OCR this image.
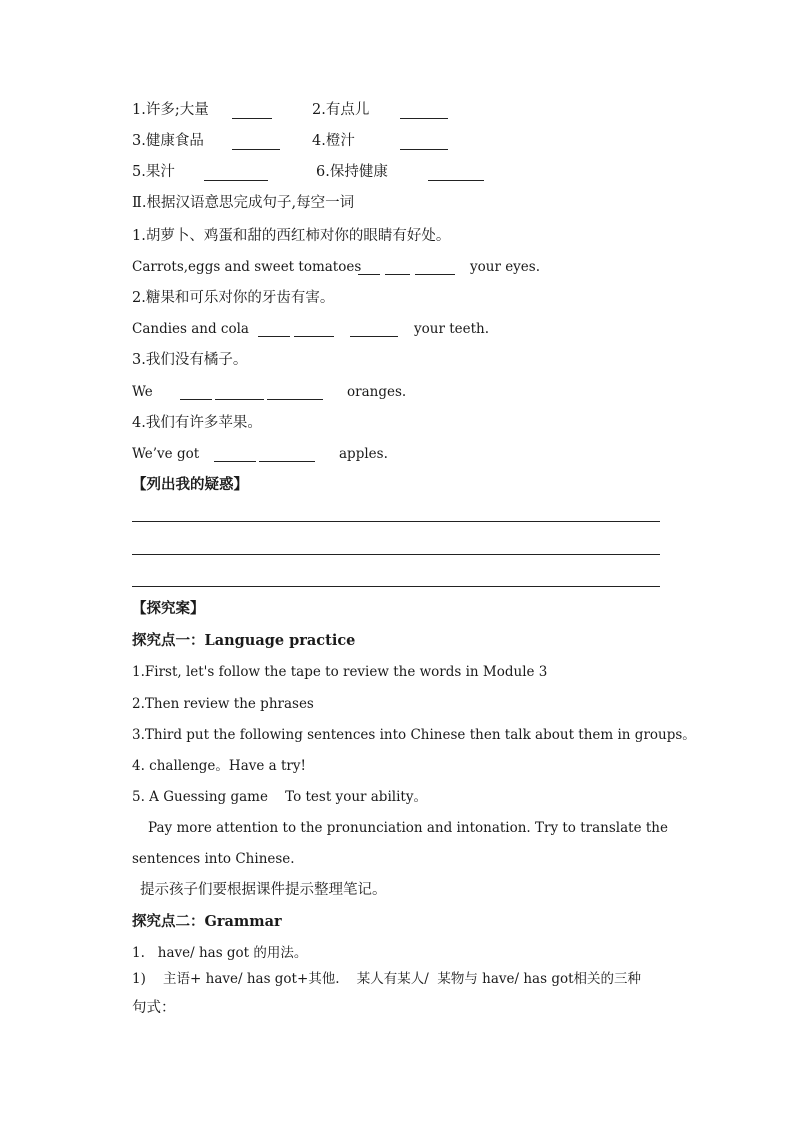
1.许多;大量	2.有点儿
3.健康食品	4.橙汁
5.果汁	6.保持健康
Ⅱ.根据汉语意思完成句子,每空一词
1.胡萝卜、鸡蛋和甜的西红柿对你的眼睛有好处。
Carrots,eggs and sweet tomatoes	your eyes.
2.糖果和可乐对你的牙齿有害。
Candies and cola	your teeth.
3.我们没有橘子。
We	oranges.
4.我们有许多苹果。
We’ve got	apples.
【列出我的疑惑】
【探究案】
探究点一：Language practice
1.First, let's follow the tape to review the words in Module 3
2.Then review the phrases
3.Third put the following sentences into Chinese then talk about them in groups。
4. challenge。Have a try!
5. A Guessing game    To test your ability。
Pay more attention to the pronunciation and intonation. Try to translate the
sentences into Chinese.
提示孩子们要根据课件提示整理笔记。
探究点二：Grammar
1.   have/ has got 的用法。
1)    主语+ have/ has got+其他.    某人有某人/  某物与 have/ has got相关的三种
句式：
